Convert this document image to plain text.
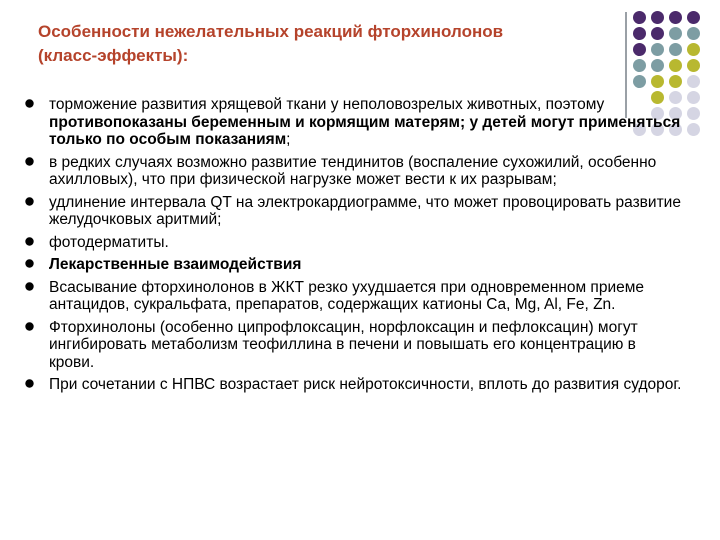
Особенности нежелательных реакций фторхинолонов
(класс-эффекты):
торможение развития хрящевой ткани у неполовозрелых животных, поэтому противопоказаны беременным и кормящим матерям; у детей могут применяться только по особым показаниям;
в редких случаях возможно развитие тендинитов (воспаление сухожилий, особенно ахилловых), что при физической нагрузке может вести к их разрывам;
удлинение интервала QT на электрокардиограмме, что может провоцировать развитие желудочковых аритмий;
фотодерматиты.
Лекарственные взаимодействия
Всасывание фторхинолонов в ЖКТ резко ухудшается при одновременном приеме антацидов, сукральфата, препаратов, содержащих катионы Ca, Mg, Al, Fe, Zn.
Фторхинолоны (особенно ципрофлоксацин, норфлоксацин и пефлоксацин) могут ингибировать метаболизм теофиллина в печени и повышать его концентрацию в крови.
При сочетании с НПВС возрастает риск нейротоксичности, вплоть до развития судорог.
